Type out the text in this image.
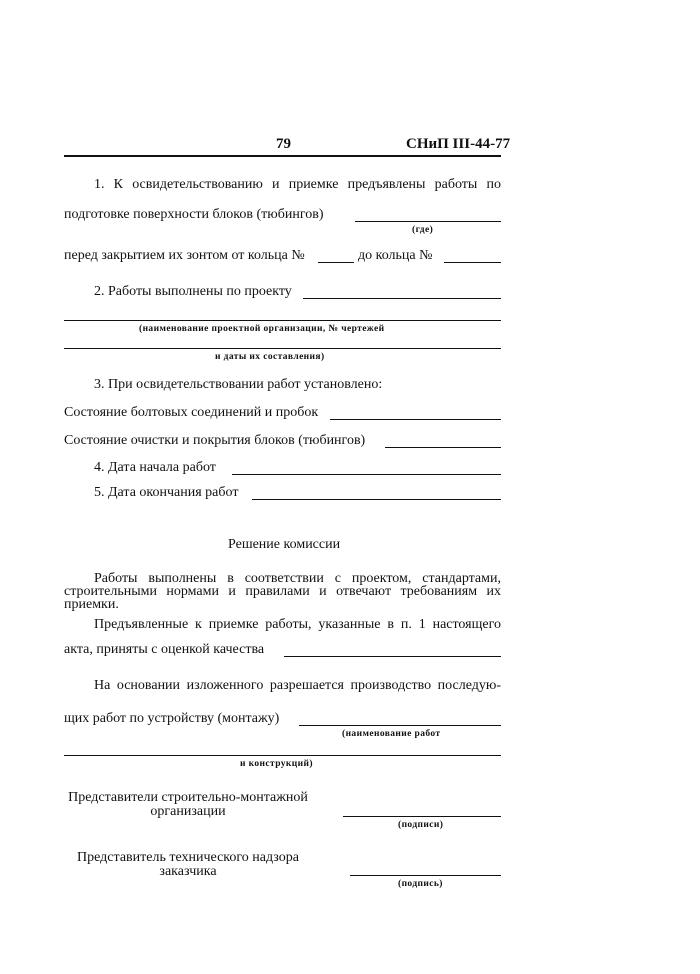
79	СНиП III-44-77
1. К освидетельствованию и приемке предъявлены работы по
подготовке поверхности блоков (тюбингов)
(где)
перед закрытием их зонтом от кольца №	до кольца №
2. Работы выполнены по проекту
(наименование проектной организации, № чертежей
и даты их составления)
3. При освидетельствовании работ установлено:
Состояние болтовых соединений и пробок
Состояние очистки и покрытия блоков (тюбингов)
4. Дата начала работ
5. Дата окончания работ
Решение комиссии
Работы выполнены в соответствии с проектом, стандартами,
строительными нормами и правилами и отвечают требованиям их
приемки.
Предъявленные к приемке работы, указанные в п. 1 настоящего
акта, приняты с оценкой качества
На основании изложенного разрешается производство последую-
щих работ по устройству (монтажу)
(наименование работ
и конструкций)
Представители строительно-монтажной
организации
(подписи)
Представитель технического надзора
заказчика
(подпись)
